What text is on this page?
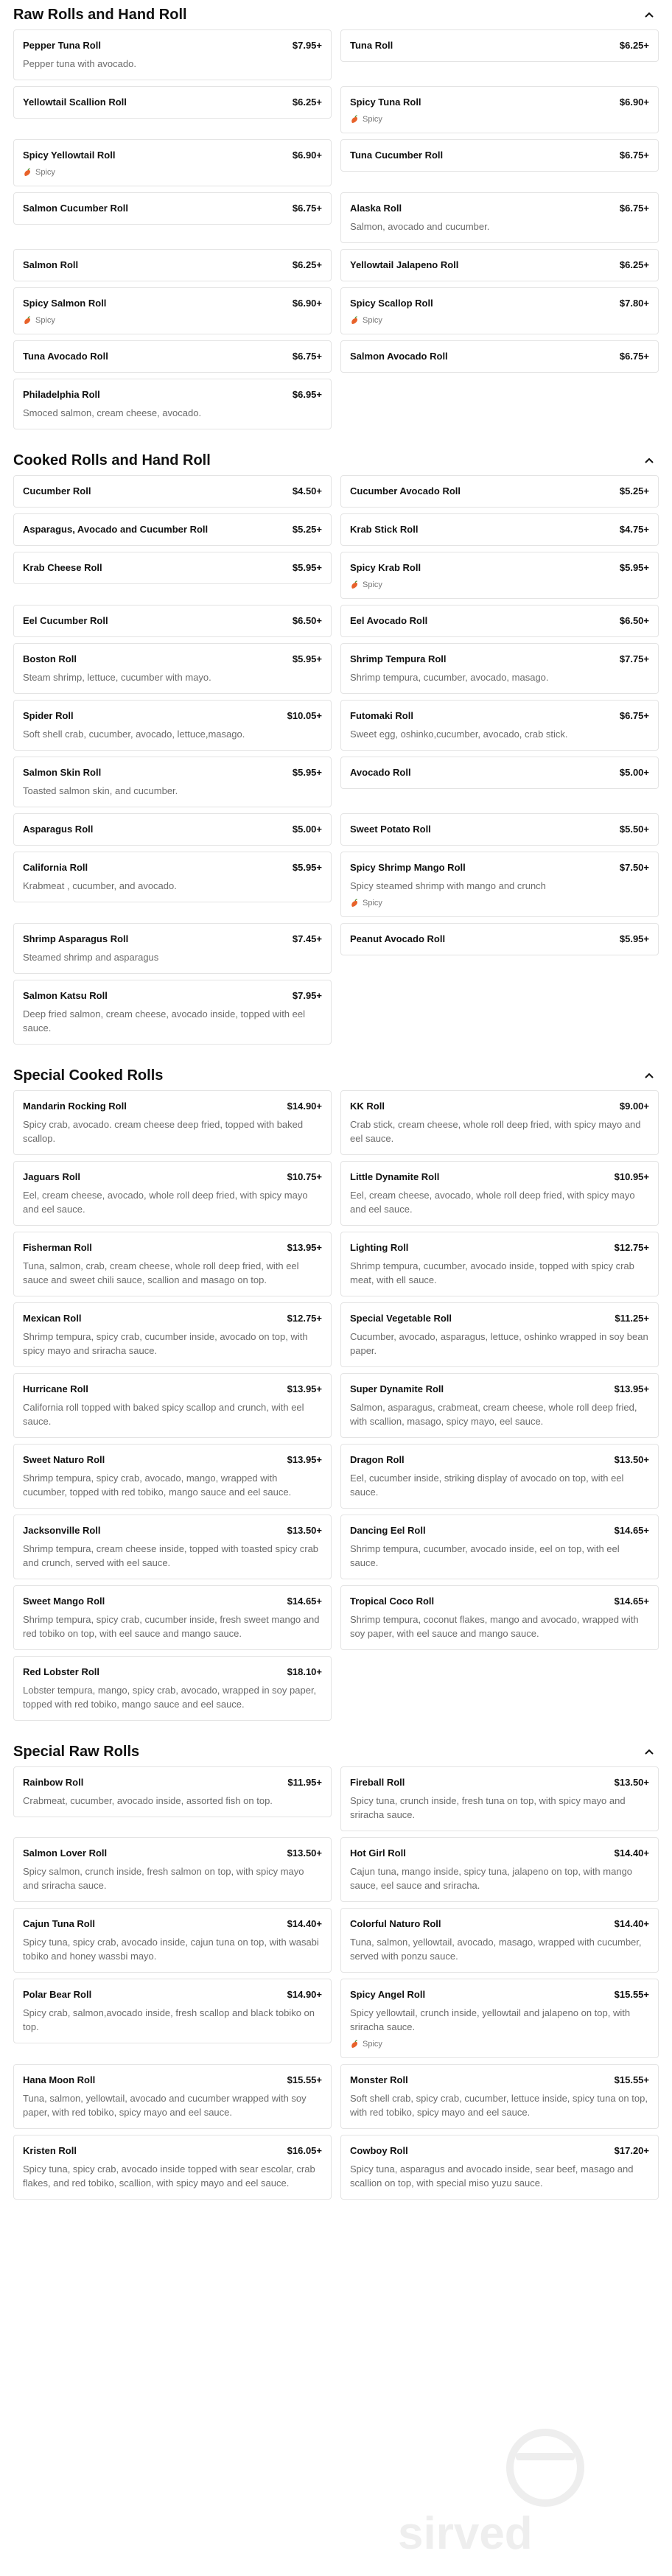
Raw Rolls and Hand Roll
Pepper Tuna Roll	$7.95+
Pepper tuna with avocado.
Tuna Roll	$6.25+
Yellowtail Scallion Roll	$6.25+	Spicy Tuna Roll	$6.90+
Spicy
Spicy Yellowtail Roll	$6.90+
Spicy
Tuna Cucumber Roll	$6.75+
Salmon Cucumber Roll	$6.75+	Alaska Roll	$6.75+
Salmon, avocado and cucumber.
Salmon Roll	$6.25+	Yellowtail Jalapeno Roll	$6.25+
Spicy Salmon Roll	$6.90+
Spicy
Spicy Scallop Roll	$7.80+
Spicy
Tuna Avocado Roll	$6.75+	Salmon Avocado Roll	$6.75+
Philadelphia Roll	$6.95+
Smoced salmon, cream cheese, avocado.
Cooked Rolls and Hand Roll
Cucumber Roll	$4.50+	Cucumber Avocado Roll	$5.25+
Asparagus, Avocado and Cucumber Roll	$5.25+	Krab Stick Roll	$4.75+
Krab Cheese Roll	$5.95+	Spicy Krab Roll	$5.95+
Spicy
Eel Cucumber Roll	$6.50+	Eel Avocado Roll	$6.50+
Boston Roll	$5.95+
Steam shrimp, lettuce, cucumber with mayo.
Shrimp Tempura Roll	$7.75+
Shrimp tempura, cucumber, avocado, masago.
Spider Roll	$10.05+
Soft shell crab, cucumber, avocado, lettuce,masago.
Futomaki Roll	$6.75+
Sweet egg, oshinko,cucumber, avocado, crab stick.
Salmon Skin Roll	$5.95+
Toasted salmon skin, and cucumber.
Avocado Roll	$5.00+
Asparagus Roll	$5.00+	Sweet Potato Roll	$5.50+
California Roll	$5.95+
Krabmeat , cucumber, and avocado.
Spicy Shrimp Mango Roll	$7.50+
Spicy steamed shrimp with mango and crunch
Spicy
Shrimp Asparagus Roll	$7.45+
Steamed shrimp and asparagus
Peanut Avocado Roll	$5.95+
Salmon Katsu Roll	$7.95+
Deep fried salmon, cream cheese, avocado inside, topped with eel sauce.
Special Cooked Rolls
Mandarin Rocking Roll	$14.90+
Spicy crab, avocado. cream cheese deep fried, topped with baked scallop.
KK Roll	$9.00+
Crab stick, cream cheese, whole roll deep fried, with spicy mayo and eel sauce.
Jaguars Roll	$10.75+
Eel, cream cheese, avocado, whole roll deep fried, with spicy mayo and eel sauce.
Little Dynamite Roll	$10.95+
Eel, cream cheese, avocado, whole roll deep fried, with spicy mayo and eel sauce.
Fisherman Roll	$13.95+
Tuna, salmon, crab, cream cheese, whole roll deep fried, with eel sauce and sweet chili sauce, scallion and masago on top.
Lighting Roll	$12.75+
Shrimp tempura, cucumber, avocado inside, topped with spicy crab meat, with ell sauce.
Mexican Roll	$12.75+
Shrimp tempura, spicy crab, cucumber inside, avocado on top, with spicy mayo and sriracha sauce.
Special Vegetable Roll	$11.25+
Cucumber, avocado, asparagus, lettuce, oshinko wrapped in soy bean paper.
Hurricane Roll	$13.95+
California roll topped with baked spicy scallop and crunch, with eel sauce.
Super Dynamite Roll	$13.95+
Salmon, asparagus, crabmeat, cream cheese, whole roll deep fried, with scallion, masago, spicy mayo, eel sauce.
Sweet Naturo Roll	$13.95+
Shrimp tempura, spicy crab, avocado, mango, wrapped with cucumber, topped with red tobiko, mango sauce and eel sauce.
Dragon Roll	$13.50+
Eel, cucumber inside, striking display of avocado on top, with eel sauce.
Jacksonville Roll	$13.50+
Shrimp tempura, cream cheese inside, topped with toasted spicy crab and crunch, served with eel sauce.
Dancing Eel Roll	$14.65+
Shrimp tempura, cucumber, avocado inside, eel on top, with eel sauce.
Sweet Mango Roll	$14.65+
Shrimp tempura, spicy crab, cucumber inside, fresh sweet mango and red tobiko on top, with eel sauce and mango sauce.
Tropical Coco Roll	$14.65+
Shrimp tempura, coconut flakes, mango and avocado, wrapped with soy paper, with eel sauce and mango sauce.
Red Lobster Roll	$18.10+
Lobster tempura, mango, spicy crab, avocado, wrapped in soy paper, topped with red tobiko, mango sauce and eel sauce.
Special Raw Rolls
Rainbow Roll	$11.95+
Crabmeat, cucumber, avocado inside, assorted fish on top.
Fireball Roll	$13.50+
Spicy tuna, crunch inside, fresh tuna on top, with spicy mayo and sriracha sauce.
Salmon Lover Roll	$13.50+
Spicy salmon, crunch inside, fresh salmon on top, with spicy mayo and sriracha sauce.
Hot Girl Roll	$14.40+
Cajun tuna, mango inside, spicy tuna, jalapeno on top, with mango sauce, eel sauce and sriracha.
Cajun Tuna Roll	$14.40+
Spicy tuna, spicy crab, avocado inside, cajun tuna on top, with wasabi tobiko and honey wassbi mayo.
Colorful Naturo Roll	$14.40+
Tuna, salmon, yellowtail, avocado, masago, wrapped with cucumber, served with ponzu sauce.
Polar Bear Roll	$14.90+
Spicy crab, salmon,avocado inside, fresh scallop and black tobiko on top.
Spicy Angel Roll	$15.55+
Spicy yellowtail, crunch inside, yellowtail and jalapeno on top, with sriracha sauce.
Spicy
Hana Moon Roll	$15.55+
Tuna, salmon, yellowtail, avocado and cucumber wrapped with soy paper, with red tobiko, spicy mayo and eel sauce.
Monster Roll	$15.55+
Soft shell crab, spicy crab, cucumber, lettuce inside, spicy tuna on top, with red tobiko, spicy mayo and eel sauce.
Kristen Roll	$16.05+
Spicy tuna, spicy crab, avocado inside topped with sear escolar, crab flakes, and red tobiko, scallion, with spicy mayo and eel sauce.
Cowboy Roll	$17.20+
Spicy tuna, asparagus and avocado inside, sear beef, masago and scallion on top, with special miso yuzu sauce.
sirved
